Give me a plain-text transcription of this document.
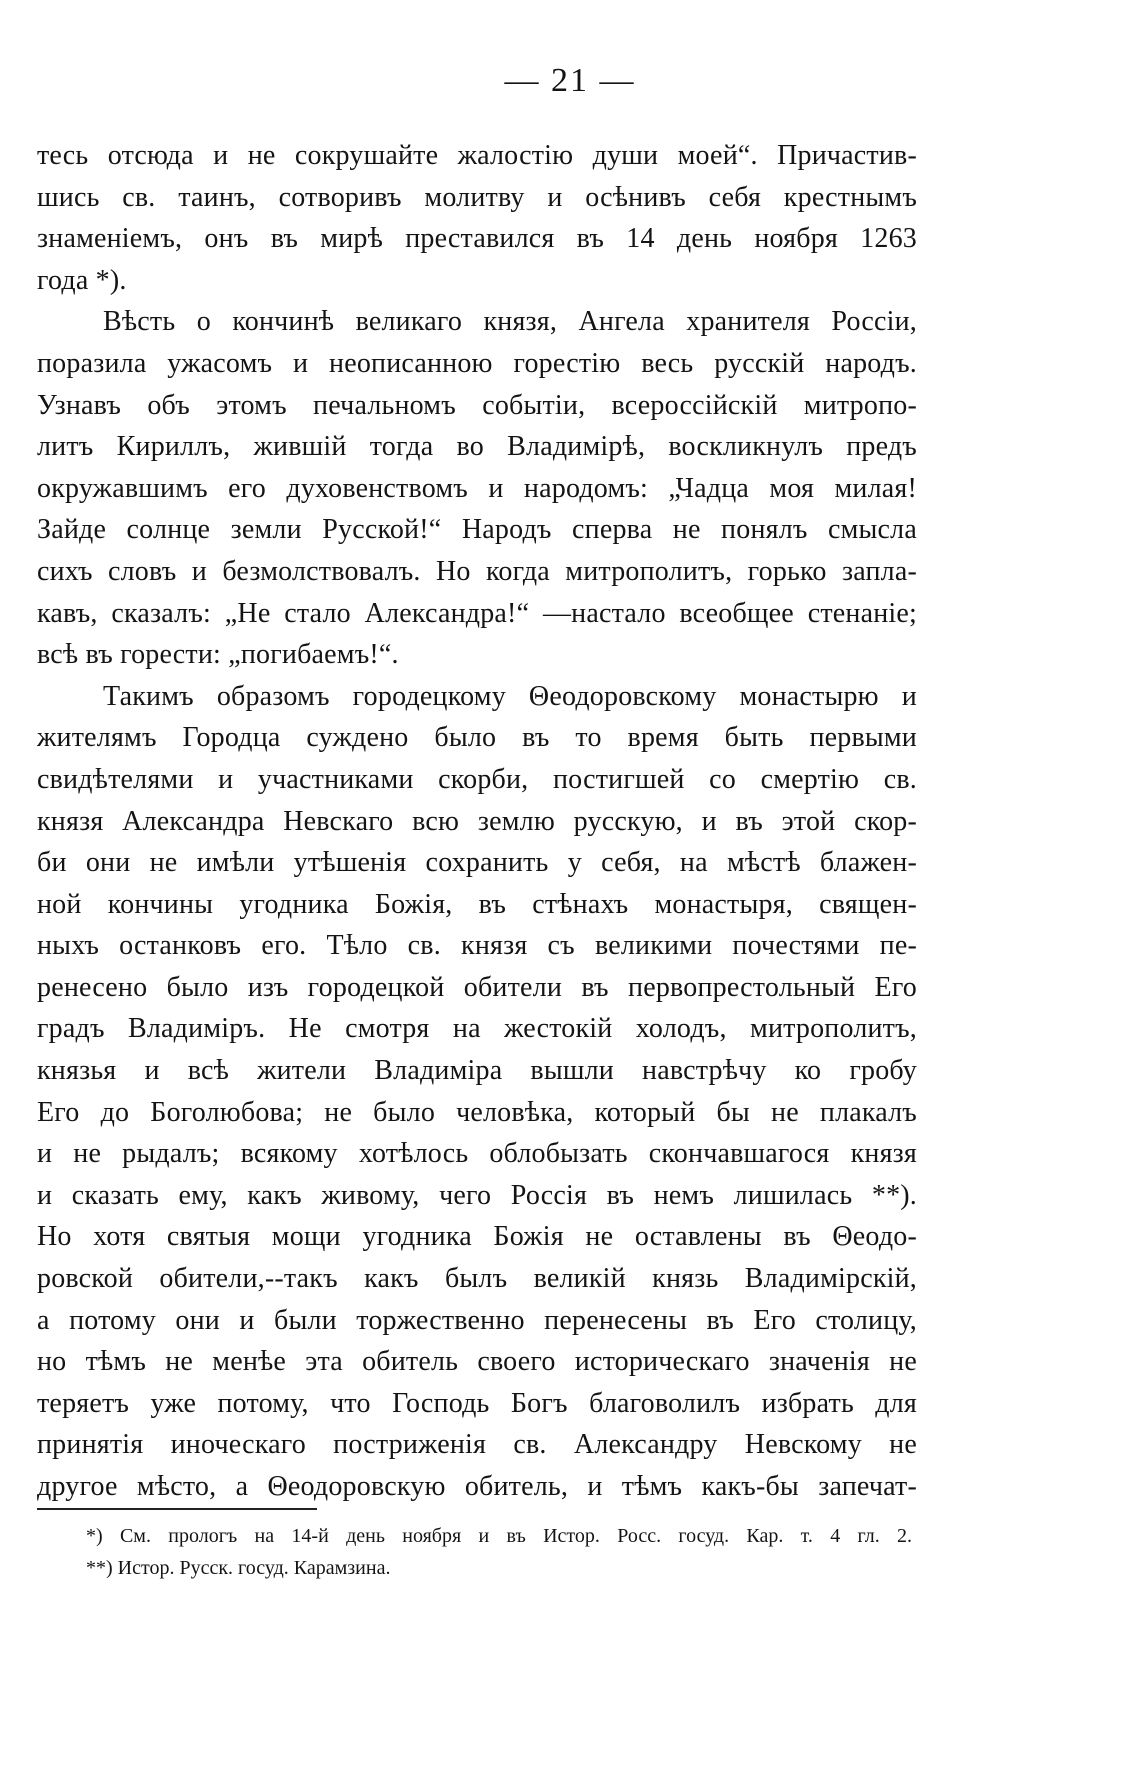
— 21 —
тесь отсюда и не сокрушайте жалостію души моей“. Причастив-
шись св. таинъ, сотворивъ молитву и осѣнивъ себя крестнымъ
знаменіемъ, онъ въ мирѣ преставился въ 14 день ноября 1263
года *).
Вѣсть о кончинѣ великаго князя, Ангела хранителя Россіи,
поразила ужасомъ и неописанною горестію весь русскій народъ.
Узнавъ объ этомъ печальномъ событіи, всероссійскій митропо-
литъ Кириллъ, жившій тогда во Владимірѣ, воскликнулъ предъ
окружавшимъ его духовенствомъ и народомъ: „Чадца моя милая!
Зайде солнце земли Русской!“ Народъ сперва не понялъ смысла
сихъ словъ и безмолствовалъ. Но когда митрополитъ, горько запла-
кавъ, сказалъ: „Не стало Александра!“ —настало всеобщее стенаніе;
всѣ въ горести: „погибаемъ!“.
Такимъ образомъ городецкому Θеодоровскому монастырю и
жителямъ Городца суждено было въ то время быть первыми
свидѣтелями и участниками скорби, постигшей со смертію св.
князя Александра Невскаго всю землю русскую, и въ этой скор-
би они не имѣли утѣшенія сохранить у себя, на мѣстѣ блажен-
ной кончины угодника Божія, въ стѣнахъ монастыря, священ-
ныхъ останковъ его. Тѣло св. князя съ великими почестями пе-
ренесено было изъ городецкой обители въ первопрестольный Его
градъ Владиміръ. Не смотря на жестокій холодъ, митрополитъ,
князья и всѣ жители Владиміра вышли навстрѣчу ко гробу
Его до Боголюбова; не было человѣка, который бы не плакалъ
и не рыдалъ; всякому хотѣлось облобызать скончавшагося князя
и сказать ему, какъ живому, чего Россія въ немъ лишилась **).
Но хотя святыя мощи угодника Божія не оставлены въ Θеодо-
ровской обители,--такъ какъ былъ великій князь Владимірскій,
а потому они и были торжественно перенесены въ Его столицу,
но тѣмъ не менѣе эта обитель своего историческаго значенія не
теряетъ уже потому, что Господь Богъ благоволилъ избрать для
принятія иноческаго постриженія св. Александру Невскому не
другое мѣсто, а Θеодоровскую обитель, и тѣмъ какъ-бы запечат-
*) См. прологъ на 14-й день ноября и въ Истор. Росс. госуд. Кар. т. 4 гл. 2.
**) Истор. Русск. госуд. Карамзина.
